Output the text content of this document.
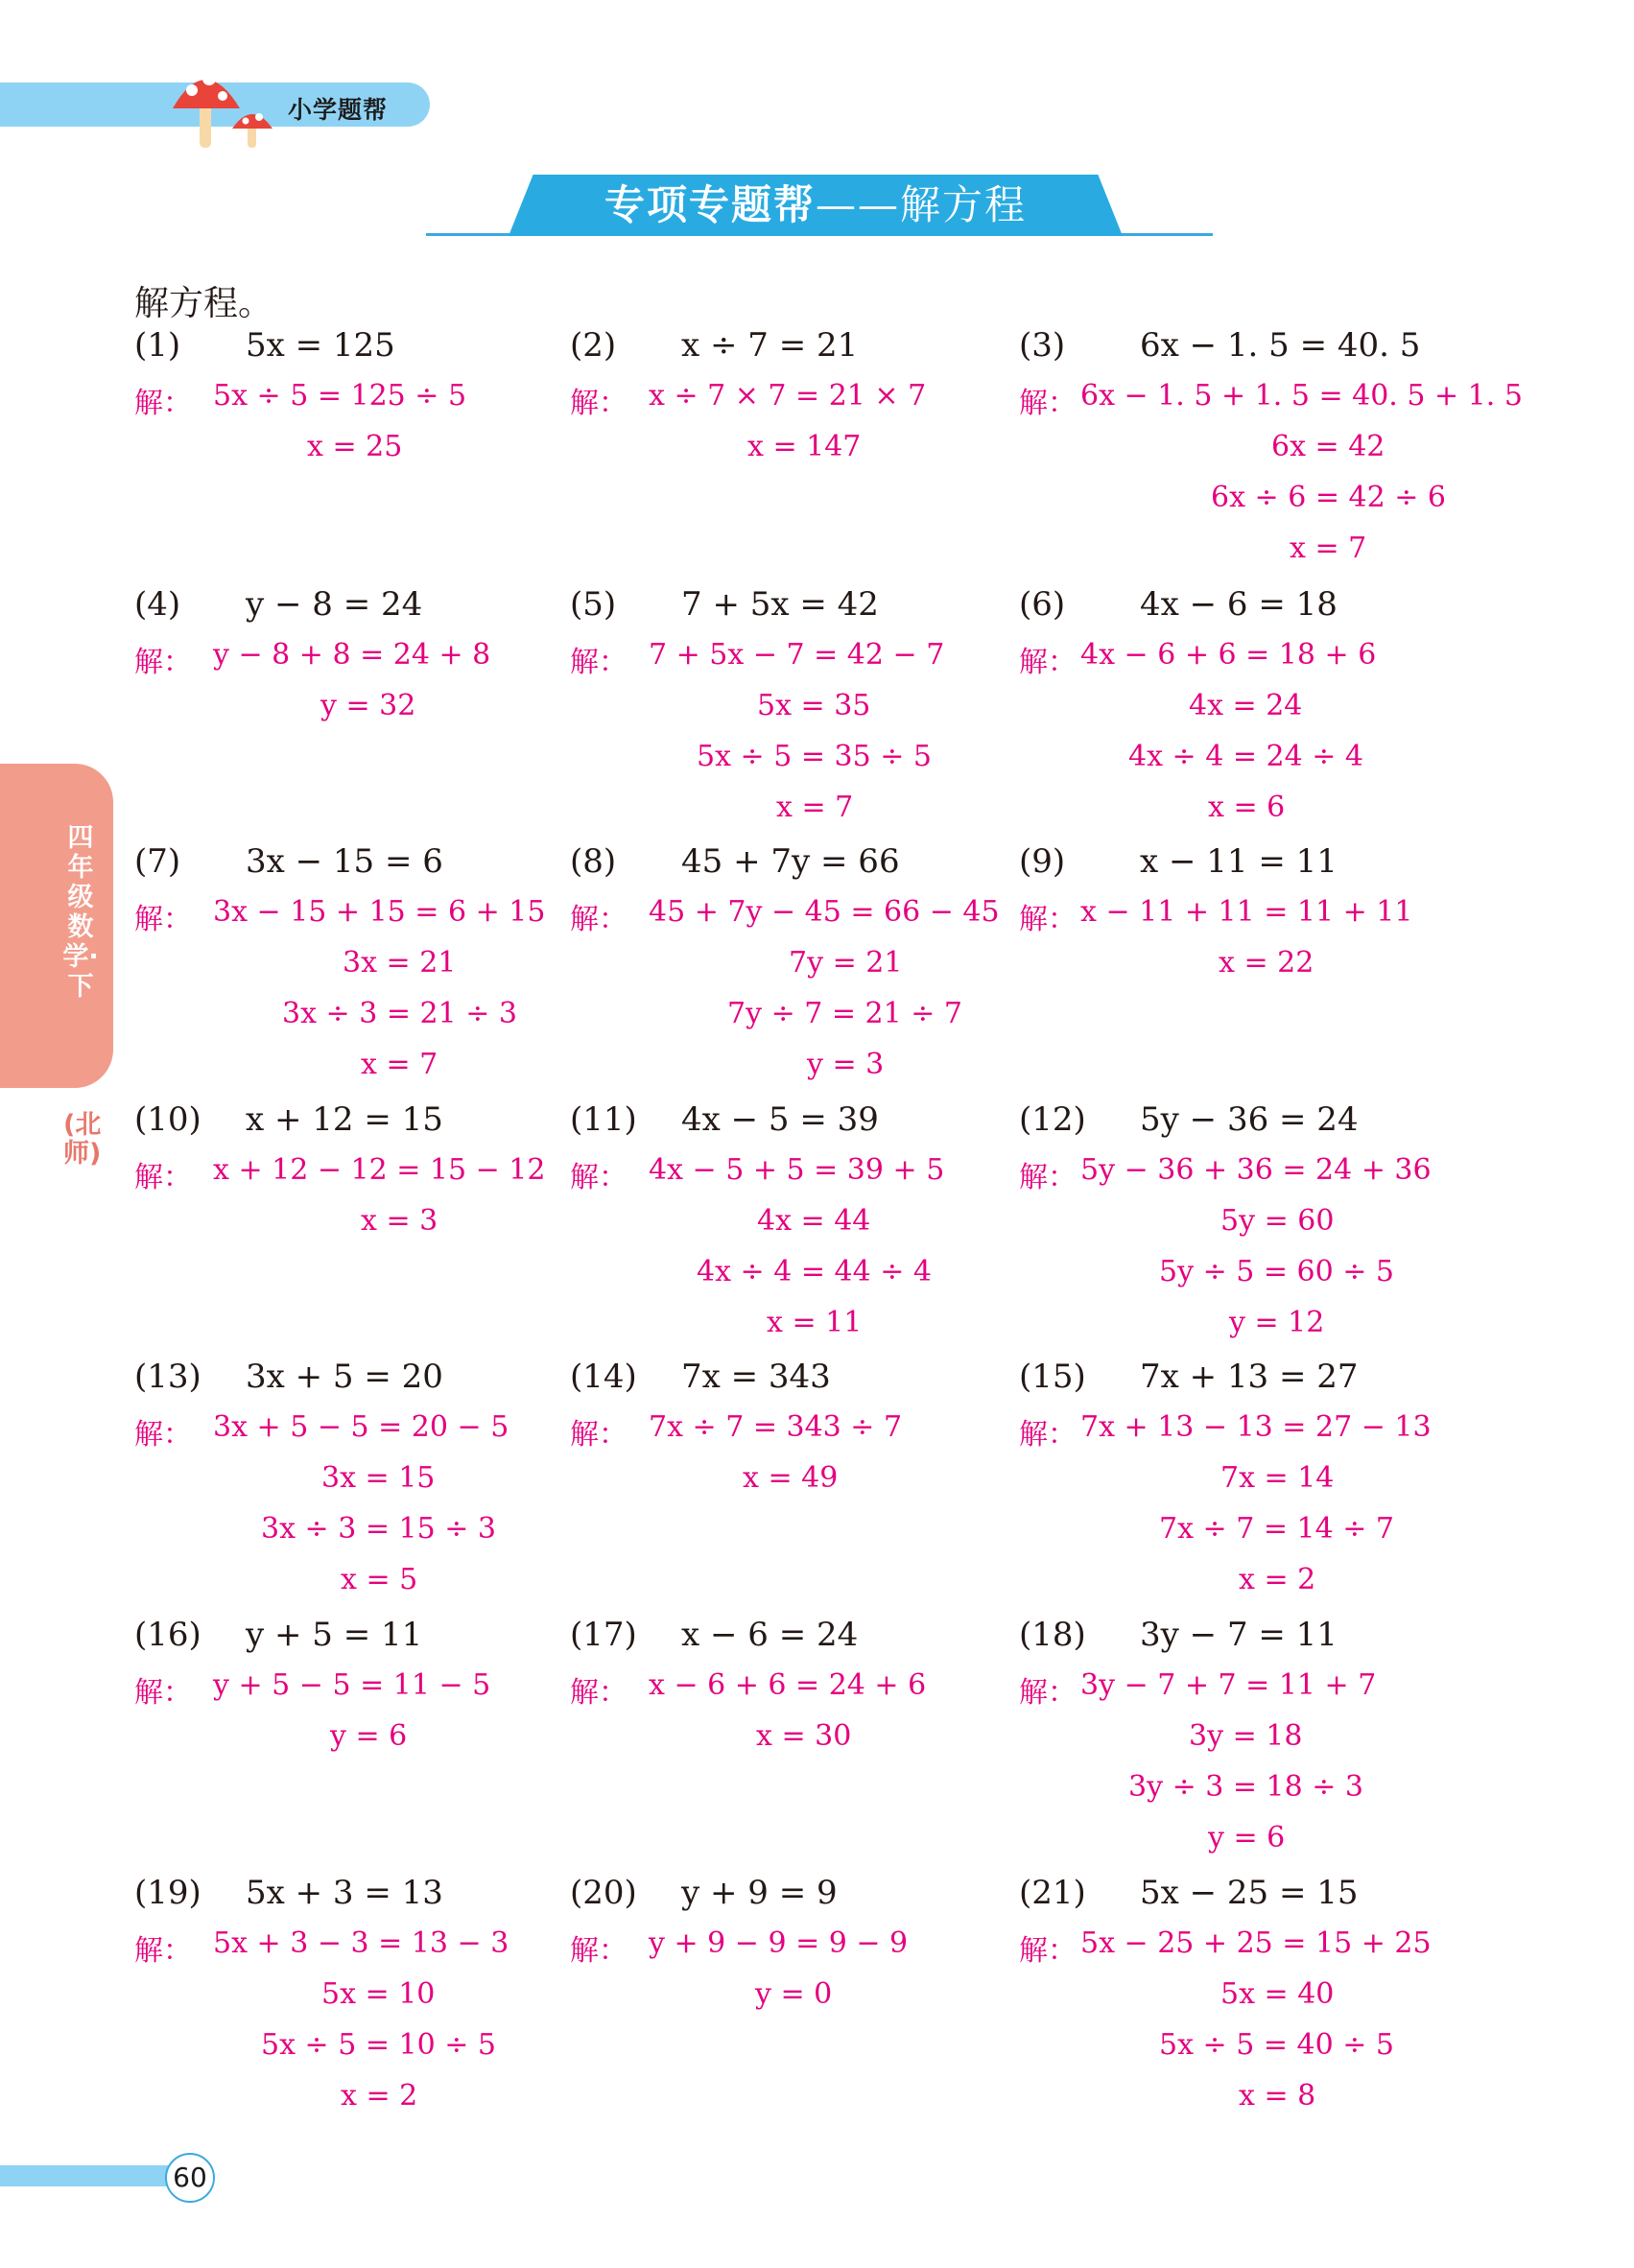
小学题帮
专项专题帮——解方程
四年级数学·下
(北师)
解方程。
(1) 5x = 125
解： 5x ÷ 5 = 125 ÷ 5
x = 25
(2) x ÷ 7 = 21
解： x ÷ 7 × 7 = 21 × 7
x = 147
(3) 6x − 1. 5 = 40. 5
解： 6x − 1. 5 + 1. 5 = 40. 5 + 1. 5
6x = 42
6x ÷ 6 = 42 ÷ 6
x = 7
(4) y − 8 = 24
解： y − 8 + 8 = 24 + 8
y = 32
(5) 7 + 5x = 42
解： 7 + 5x − 7 = 42 − 7
5x = 35
5x ÷ 5 = 35 ÷ 5
x = 7
(6) 4x − 6 = 18
解： 4x − 6 + 6 = 18 + 6
4x = 24
4x ÷ 4 = 24 ÷ 4
x = 6
(7) 3x − 15 = 6
解： 3x − 15 + 15 = 6 + 15
3x = 21
3x ÷ 3 = 21 ÷ 3
x = 7
(8) 45 + 7y = 66
解： 45 + 7y − 45 = 66 − 45
7y = 21
7y ÷ 7 = 21 ÷ 7
y = 3
(9) x − 11 = 11
解： x − 11 + 11 = 11 + 11
x = 22
(10) x + 12 = 15
解： x + 12 − 12 = 15 − 12
x = 3
(11) 4x − 5 = 39
解： 4x − 5 + 5 = 39 + 5
4x = 44
4x ÷ 4 = 44 ÷ 4
x = 11
(12) 5y − 36 = 24
解： 5y − 36 + 36 = 24 + 36
5y = 60
5y ÷ 5 = 60 ÷ 5
y = 12
(13) 3x + 5 = 20
解： 3x + 5 − 5 = 20 − 5
3x = 15
3x ÷ 3 = 15 ÷ 3
x = 5
(14) 7x = 343
解： 7x ÷ 7 = 343 ÷ 7
x = 49
(15) 7x + 13 = 27
解： 7x + 13 − 13 = 27 − 13
7x = 14
7x ÷ 7 = 14 ÷ 7
x = 2
(16) y + 5 = 11
解： y + 5 − 5 = 11 − 5
y = 6
(17) x − 6 = 24
解： x − 6 + 6 = 24 + 6
x = 30
(18) 3y − 7 = 11
解： 3y − 7 + 7 = 11 + 7
3y = 18
3y ÷ 3 = 18 ÷ 3
y = 6
(19) 5x + 3 = 13
解： 5x + 3 − 3 = 13 − 3
5x = 10
5x ÷ 5 = 10 ÷ 5
x = 2
(20) y + 9 = 9
解： y + 9 − 9 = 9 − 9
y = 0
(21) 5x − 25 = 15
解： 5x − 25 + 25 = 15 + 25
5x = 40
5x ÷ 5 = 40 ÷ 5
x = 8
60
